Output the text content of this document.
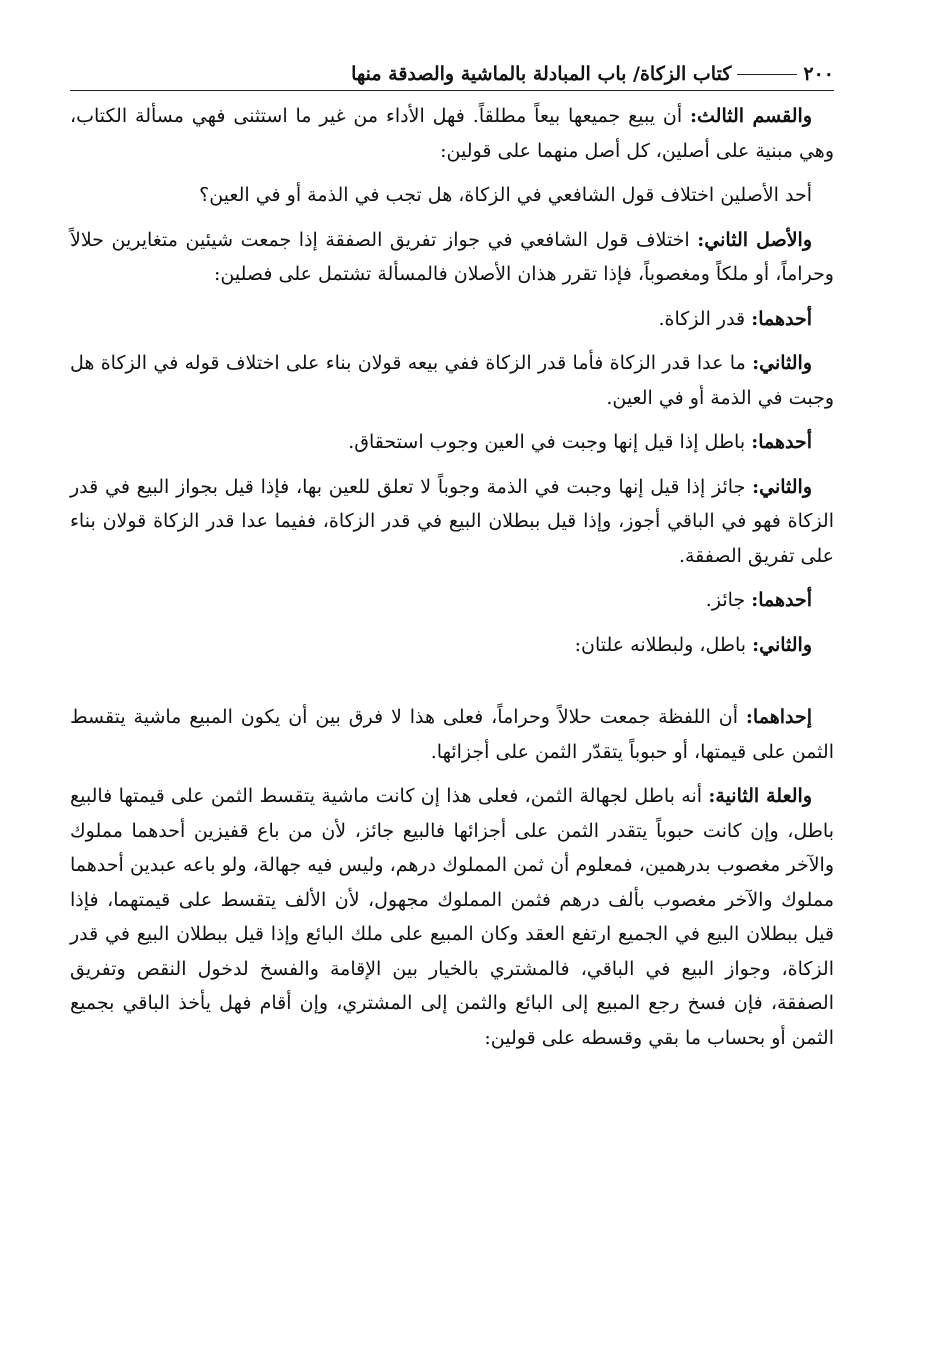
٢٠٠
كتاب الزكاة/ باب المبادلة بالماشية والصدقة منها

والقسم الثالث: أن يبيع جميعها بيعاً مطلقاً. فهل الأداء من غير ما استثنى فهي مسألة الكتاب، وهي مبنية على أصلين، كل أصل منهما على قولين:

أحد الأصلين اختلاف قول الشافعي في الزكاة، هل تجب في الذمة أو في العين؟

والأصل الثاني: اختلاف قول الشافعي في جواز تفريق الصفقة إذا جمعت شيئين متغايرين حلالاً وحراماً، أو ملكاً ومغصوباً، فإذا تقرر هذان الأصلان فالمسألة تشتمل على فصلين:

أحدهما: قدر الزكاة.

والثاني: ما عدا قدر الزكاة فأما قدر الزكاة ففي بيعه قولان بناء على اختلاف قوله في الزكاة هل وجبت في الذمة أو في العين.

أحدهما: باطل إذا قيل إنها وجبت في العين وجوب استحقاق.

والثاني: جائز إذا قيل إنها وجبت في الذمة وجوباً لا تعلق للعين بها، فإذا قيل بجواز البيع في قدر الزكاة فهو في الباقي أجوز، وإذا قيل ببطلان البيع في قدر الزكاة، ففيما عدا قدر الزكاة قولان بناء على تفريق الصفقة.

أحدهما: جائز.

والثاني: باطل، ولبطلانه علتان:

إحداهما: أن اللفظة جمعت حلالاً وحراماً، فعلى هذا لا فرق بين أن يكون المبيع ماشية يتقسط الثمن على قيمتها، أو حبوباً يتقدّر الثمن على أجزائها.

والعلة الثانية: أنه باطل لجهالة الثمن، فعلى هذا إن كانت ماشية يتقسط الثمن على قيمتها فالبيع باطل، وإن كانت حبوباً يتقدر الثمن على أجزائها فالبيع جائز، لأن من باع قفيزين أحدهما مملوك والآخر مغصوب بدرهمين، فمعلوم أن ثمن المملوك درهم، وليس فيه جهالة، ولو باعه عبدين أحدهما مملوك والآخر مغصوب بألف درهم فثمن المملوك مجهول، لأن الألف يتقسط على قيمتهما، فإذا قيل ببطلان البيع في الجميع ارتفع العقد وكان المبيع على ملك البائع وإذا قيل ببطلان البيع في قدر الزكاة، وجواز البيع في الباقي، فالمشتري بالخيار بين الإقامة والفسخ لدخول النقص وتفريق الصفقة، فإن فسخ رجع المبيع إلى البائع والثمن إلى المشتري، وإن أقام فهل يأخذ الباقي بجميع الثمن أو بحساب ما بقي وقسطه على قولين:
